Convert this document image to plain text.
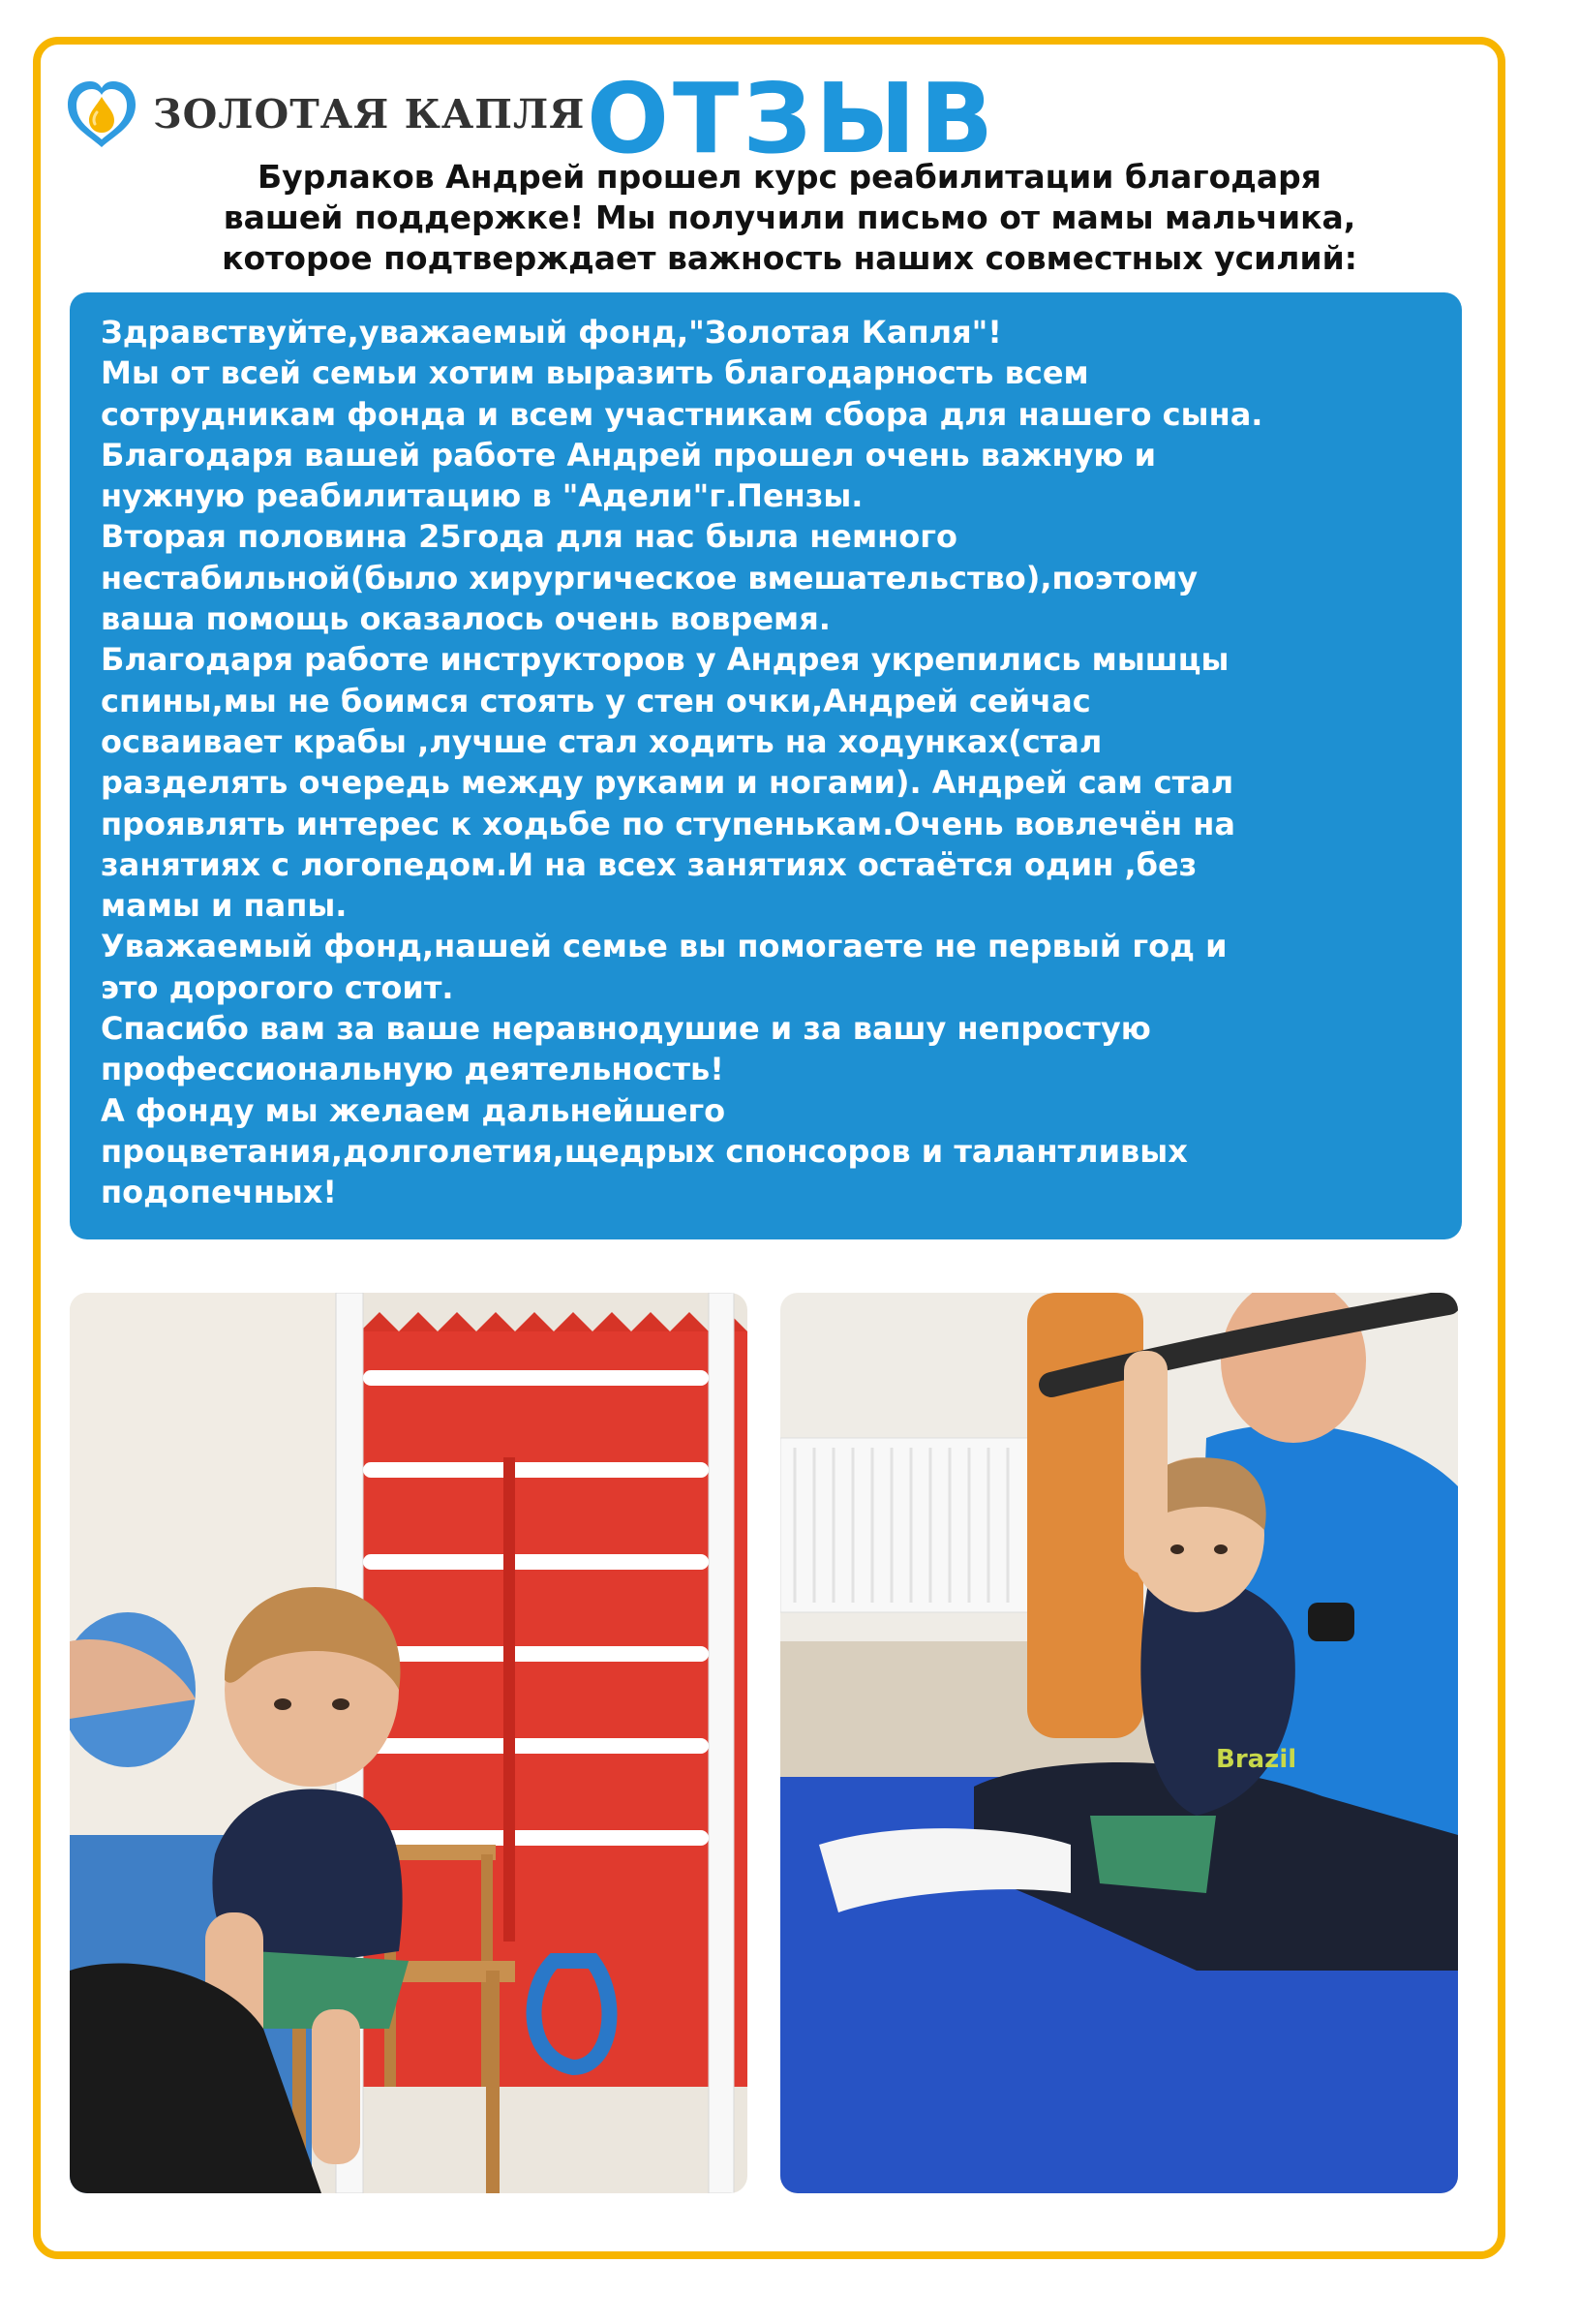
ЗОЛОТАЯ КАПЛЯ ОТЗЫВ
Бурлаков Андрей прошел курс реабилитации благодаря
вашей поддержке! Мы получили письмо от мамы мальчика,
которое подтверждает важность наших совместных усилий:
Здравствуйте,уважаемый фонд,"Золотая Капля"!
Мы от всей семьи хотим выразить благодарность всем
сотрудникам фонда и всем участникам сбора для нашего сына.
Благодаря вашей работе Андрей прошел очень важную и
нужную реабилитацию в "Адели"г.Пензы.
Вторая половина 25года для нас была немного
нестабильной(было хирургическое вмешательство),поэтому
ваша помощь оказалось очень вовремя.
Благодаря работе инструкторов у Андрея укрепились мышцы
спины,мы не боимся стоять у стен очки,Андрей сейчас
осваивает крабы ,лучше стал ходить на ходунках(стал
разделять очередь между руками и ногами). Андрей сам стал
проявлять интерес к ходьбе по ступенькам.Очень вовлечён на
занятиях с логопедом.И на всех занятиях остаётся один ,без
мамы и папы.
Уважаемый фонд,нашей семье вы помогаете не первый год и
это дорогого стоит.
Спасибо вам за ваше неравнодушие и за вашу непростую
профессиональную деятельность!
А фонду мы желаем дальнейшего
процветания,долголетия,щедрых спонсоров и талантливых
подопечных!
Brazil
